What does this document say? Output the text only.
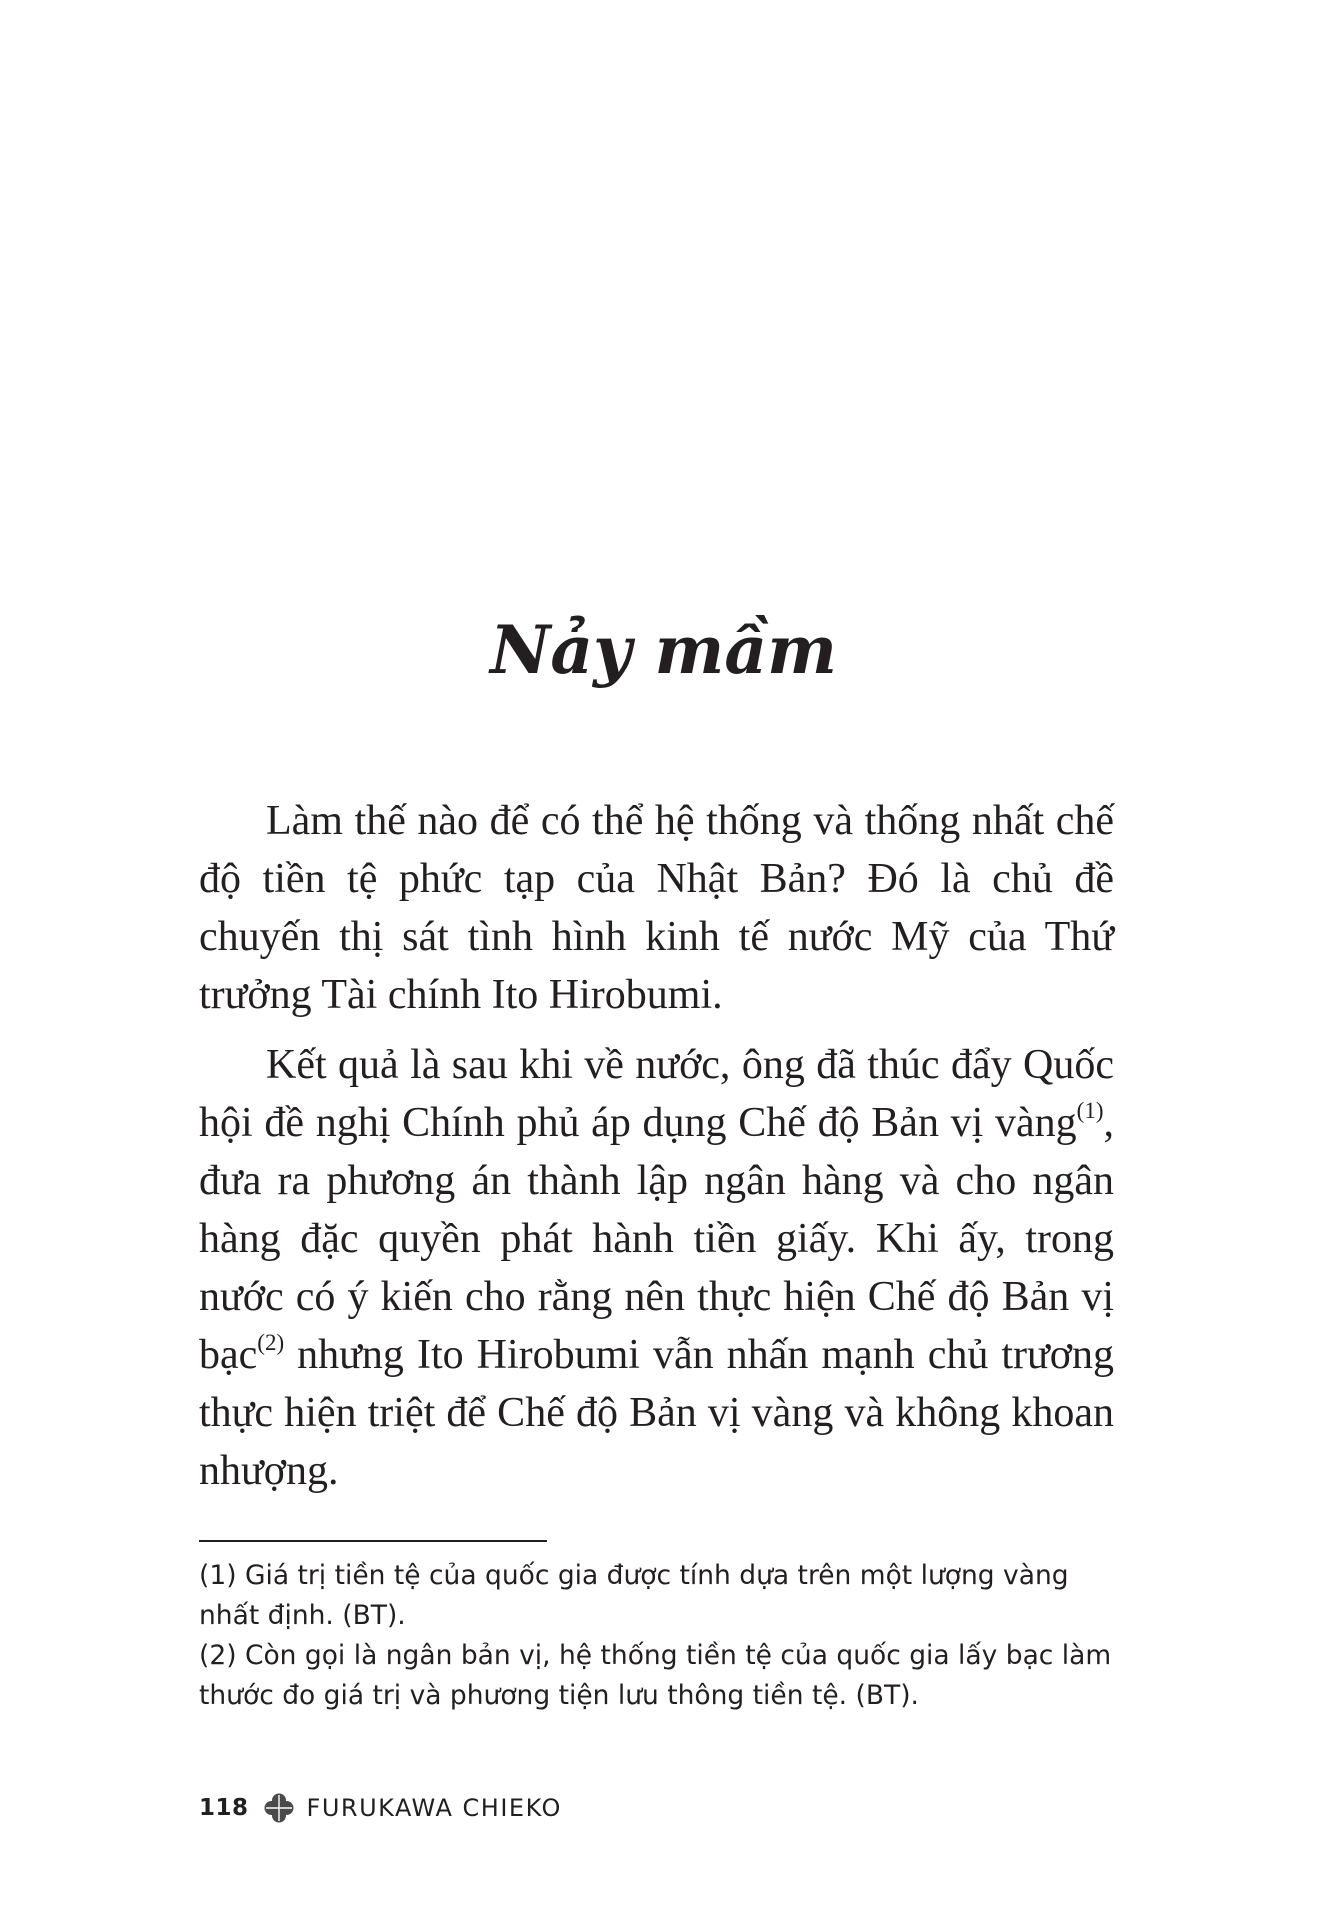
Nảy mầm

Làm thế nào để có thể hệ thống và thống nhất chế độ tiền tệ phức tạp của Nhật Bản? Đó là chủ đề chuyến thị sát tình hình kinh tế nước Mỹ của Thứ trưởng Tài chính Ito Hirobumi.

Kết quả là sau khi về nước, ông đã thúc đẩy Quốc hội đề nghị Chính phủ áp dụng Chế độ Bản vị vàng$^{(1)}$, đưa ra phương án thành lập ngân hàng và cho ngân hàng đặc quyền phát hành tiền giấy. Khi ấy, trong nước có ý kiến cho rằng nên thực hiện Chế độ Bản vị bạc$^{(2)}$ nhưng Ito Hirobumi vẫn nhấn mạnh chủ trương thực hiện triệt để Chế độ Bản vị vàng và không khoan nhượng.

(1) Giá trị tiền tệ của quốc gia được tính dựa trên một lượng vàng nhất định. (BT).

(2) Còn gọi là ngân bản vị, hệ thống tiền tệ của quốc gia lấy bạc làm thước đo giá trị và phương tiện lưu thông tiền tệ. (BT).

118 FURUKAWA CHIEKO
